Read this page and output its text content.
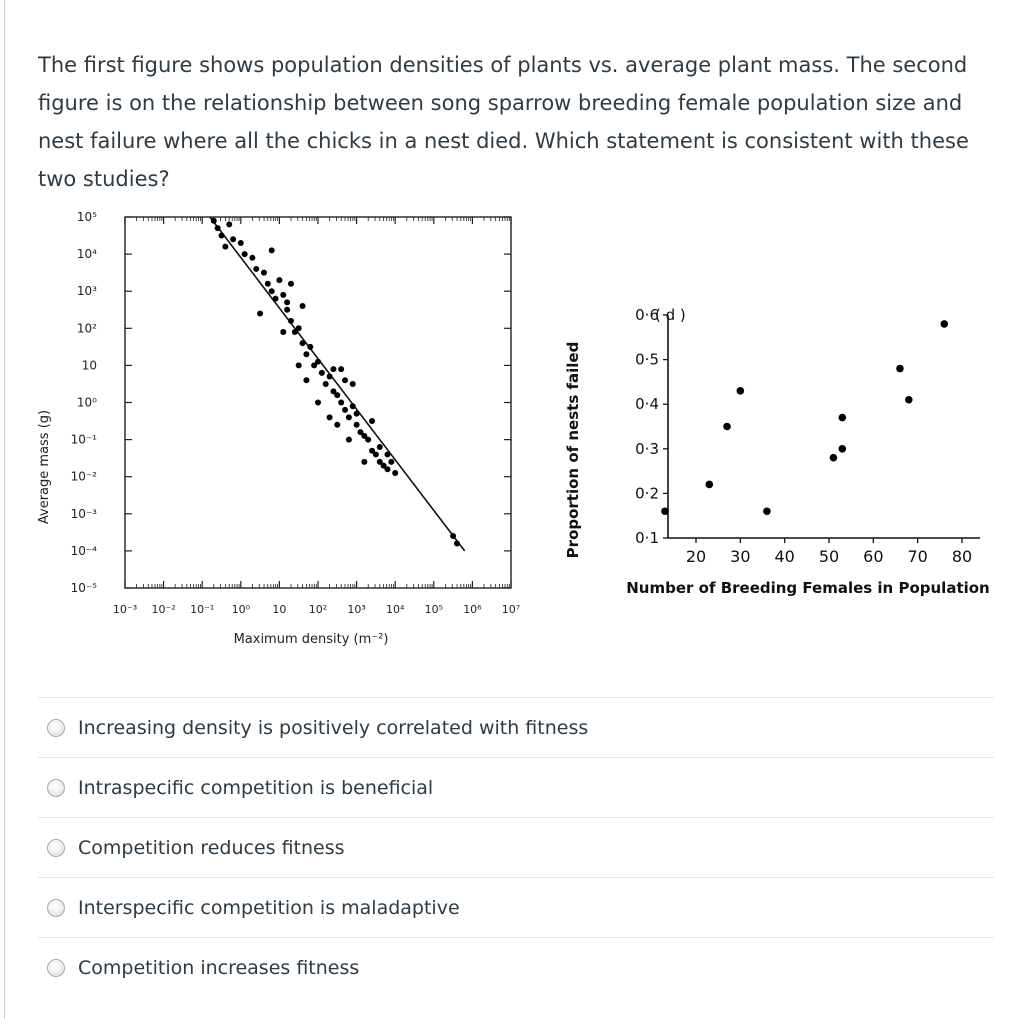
The first figure shows population densities of plants vs. average plant mass. The second figure is on the relationship between song sparrow breeding female population size and nest failure where all the chicks in a nest died. Which statement is consistent with these two studies?
10⁻⁵
10⁻⁴
10⁻³
10⁻²
10⁻¹
10⁰
10
10²
10³
10⁴
10⁵
10⁻³ 10⁻² 10⁻¹ 10⁰ 10 10² 10³ 10⁴ 10⁵ 10⁶ 10⁷
Maximum density (m⁻²)
Average mass (g)
0·1
0·2
0·3
0·4
0·5
0·6
20 30 40 50 60 70 80
( d )
Number of Breeding Females in Population
Proportion of nests failed
Increasing density is positively correlated with fitness
Intraspecific competition is beneficial
Competition reduces fitness
Interspecific competition is maladaptive
Competition increases fitness
